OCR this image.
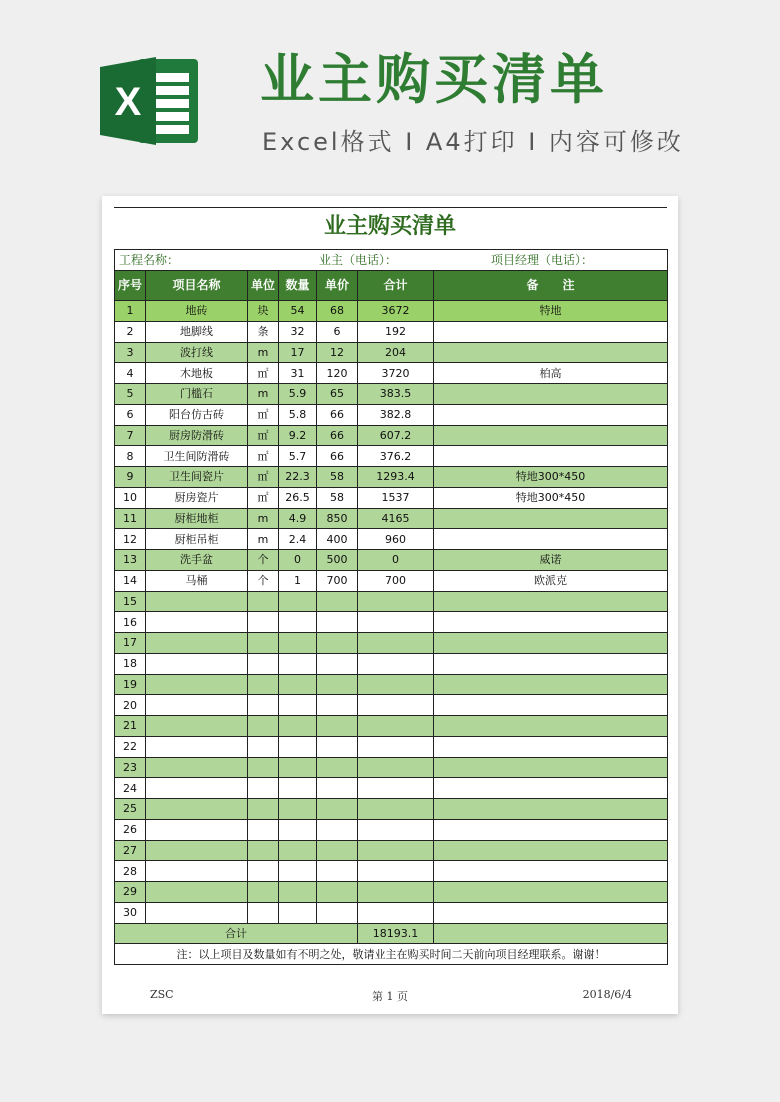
X 业主购买清单
Excel格式 I A4打印 I 内容可修改
业主购买清单
工程名称： 业主（电话）： 项目经理（电话）：						

序号	项目名称	单位	数量	单价	合计	备　　注
1	地砖	块	54	68	3672	特地
2	地脚线	条	32	6	192	
3	波打线	m	17	12	204	
4	木地板	㎡	31	120	3720	柏高
5	门槛石	m	5.9	65	383.5	
6	阳台仿古砖	㎡	5.8	66	382.8	
7	厨房防滑砖	㎡	9.2	66	607.2	
8	卫生间防滑砖	㎡	5.7	66	376.2	
9	卫生间瓷片	㎡	22.3	58	1293.4	特地300*450
10	厨房瓷片	㎡	26.5	58	1537	特地300*450
11	厨柜地柜	m	4.9	850	4165	
12	厨柜吊柜	m	2.4	400	960	
13	洗手盆	个	0	500	0	威诺
14	马桶	个	1	700	700	欧派克
15						
16						
17						
18						
19						
20						
21						
22						
23						
24						
25						
26						
27						
28						
29						
30						
合计					18193.1	
注：以上项目及数量如有不明之处，敬请业主在购买时间二天前向项目经理联系。谢谢！						
ZSC	第 1 页	2018/6/4
